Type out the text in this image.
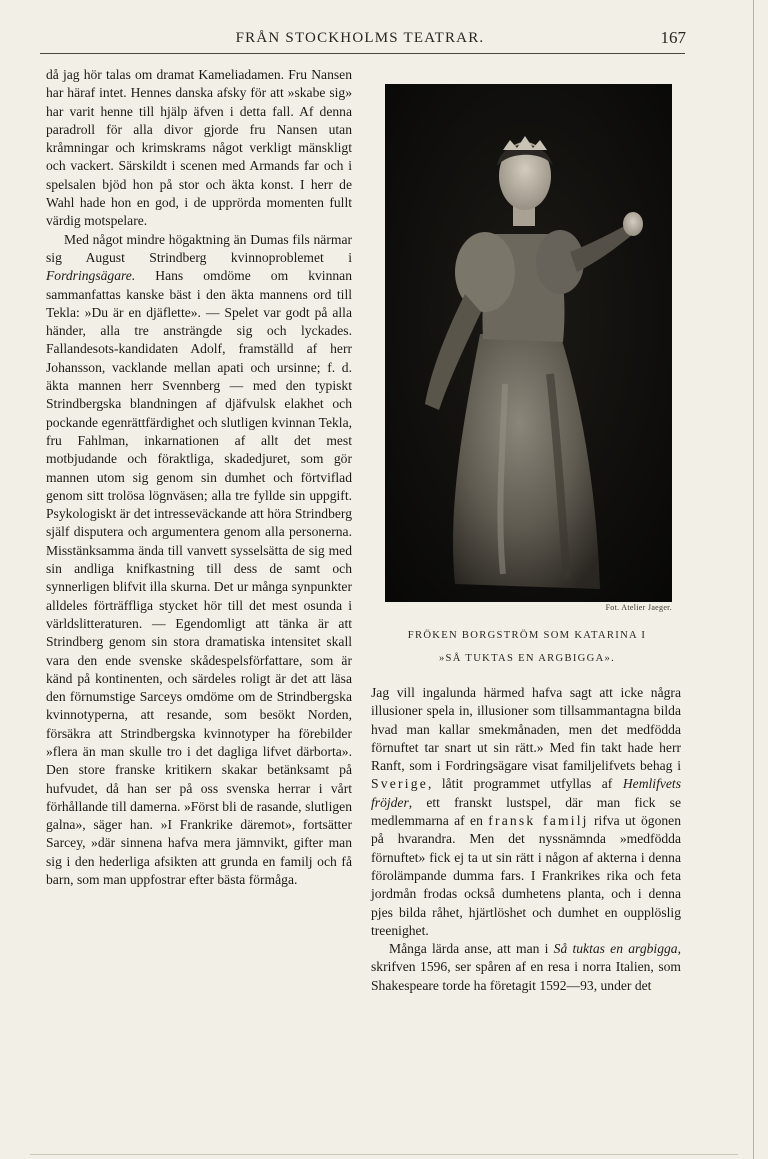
FRÅN STOCKHOLMS TEATRAR.	167

då jag hör talas om dramat Kameliadamen. Fru Nansen har häraf intet. Hennes danska afsky för att »skabe sig» har varit henne till hjälp äfven i detta fall. Af denna paradroll för alla divor gjorde fru Nansen utan kråmningar och krimskrams något verkligt mänskligt och vackert. Särskildt i scenen med Armands far och i spelsalen bjöd hon på stor och äkta konst. I herr de Wahl hade hon en god, i de upprörda momenten fullt värdig motspelare.

Med något mindre högaktning än Dumas fils närmar sig August Strindberg kvinnoproblemet i Fordringsägare. Hans omdöme om kvinnan sammanfattas kanske bäst i den äkta mannens ord till Tekla: »Du är en djäflette». — Spelet var godt på alla händer, alla tre ansträngde sig och lyckades. Fallandesots-kandidaten Adolf, framställd af herr Johansson, vacklande mellan apati och ursinne; f. d. äkta mannen herr Svennberg — med den typiskt Strindbergska blandningen af djäfvulsk elakhet och pockande egenrättfärdighet och slutligen kvinnan Tekla, fru Fahlman, inkarnationen af allt det mest motbjudande och föraktliga, skadedjuret, som gör mannen utom sig genom sin dumhet och förtviflad genom sitt trolösa lögnväsen; alla tre fyllde sin uppgift. Psykologiskt är det intresseväckande att höra Strindberg själf disputera och argumentera genom alla personerna. Misstänksamma ända till vanvett sysselsätta de sig med sin andliga knifkastning till dess de samt och synnerligen blifvit illa skurna. Det ur många synpunkter alldeles förträffliga stycket hör till det mest osunda i världslitteraturen. — Egendomligt att tänka är att Strindberg genom sin stora dramatiska intensitet skall vara den ende svenske skådespelsförfattare, som är känd på kontinenten, och särdeles roligt är det att läsa den förnumstige Sarceys omdöme om de Strindbergska kvinnotyperna, att resande, som besökt Norden, försäkra att Strindbergska kvinnotyper ha förebilder »flera än man skulle tro i det dagliga lifvet därborta». Den store franske kritikern skakar betänksamt på hufvudet, då han ser på oss svenska herrar i vårt förhållande till damerna. »Först bli de rasande, slutligen galna», säger han. »I Frankrike däremot», fortsätter Sarcey, »där sinnena hafva mera jämnvikt, gifter man sig i den hederliga afsikten att grunda en familj och få barn, som man uppfostrar efter bästa förmåga.

Fot. Atelier Jaeger.
FRÖKEN BORGSTRÖM SOM KATARINA I
»SÅ TUKTAS EN ARGBIGGA».

Jag vill ingalunda härmed hafva sagt att icke några illusioner spela in, illusioner som tillsammantagna bilda hvad man kallar smekmånaden, men det medfödda förnuftet tar snart ut sin rätt.» Med fin takt hade herr Ranft, som i Fordringsägare visat familjelifvets behag i Sverige, låtit programmet utfyllas af Hemlifvets fröjder, ett franskt lustspel, där man fick se medlemmarna af en fransk familj rifva ut ögonen på hvarandra. Men det nyssnämnda »medfödda förnuftet» fick ej ta ut sin rätt i någon af akterna i denna förolämpande dumma fars. I Frankrikes rika och feta jordmån frodas också dumhetens planta, och i denna pjes bilda råhet, hjärtlöshet och dumhet en oupplöslig treenighet.

Många lärda anse, att man i Så tuktas en argbigga, skrifven 1596, ser spåren af en resa i norra Italien, som Shakespeare torde ha företagit 1592—93, under det
